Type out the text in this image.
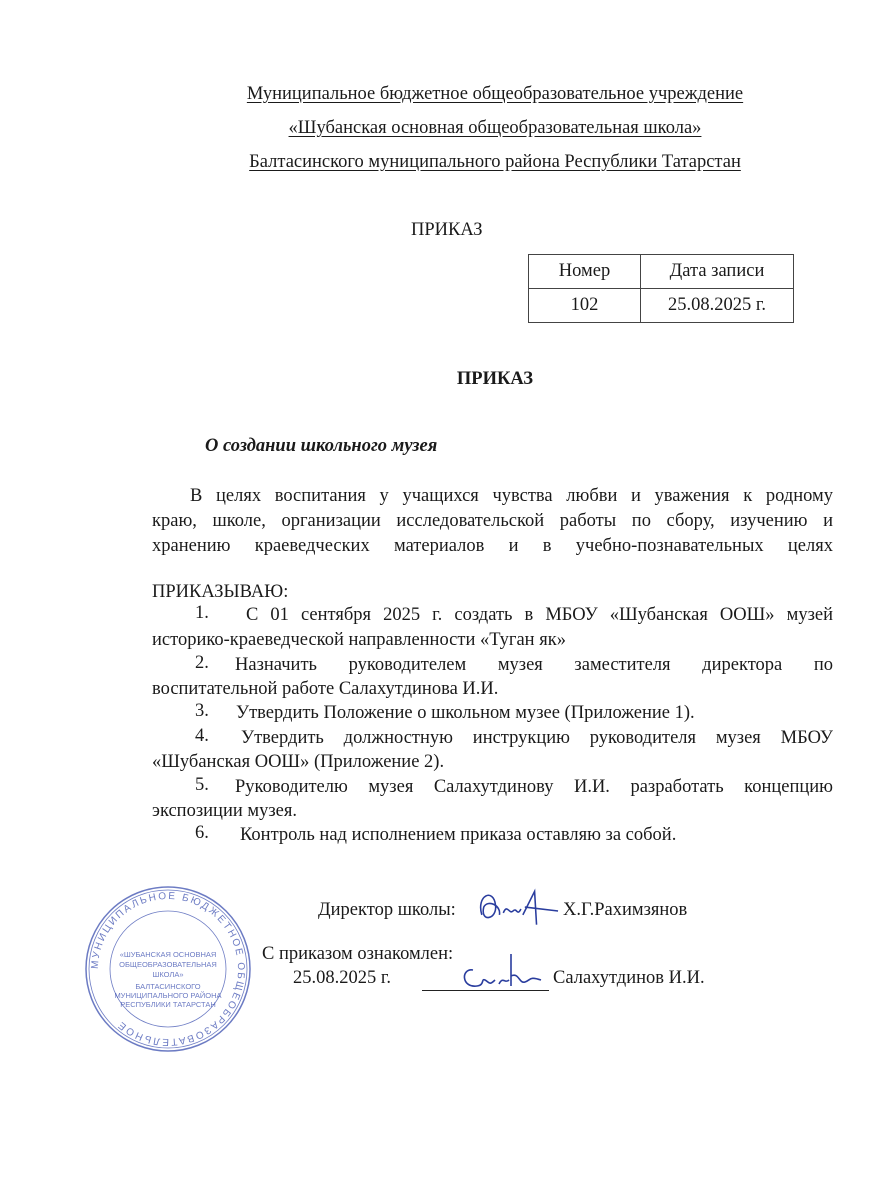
Муниципальное бюджетное общеобразовательное учреждение
«Шубанская основная общеобразовательная школа»
Балтасинского муниципального района Республики Татарстан
ПРИКАЗ
Номер	Дата записи
102	25.08.2025 г.
ПРИКАЗ
О создании школьного музея
В целях воспитания у учащихся чувства любви и уважения к родному
краю, школе, организации исследовательской работы по сбору, изучению и
хранению краеведческих материалов и в учебно-познавательных целях
ПРИКАЗЫВАЮ:
1. С 01 сентября 2025 г. создать в МБОУ «Шубанская ООШ» музей
историко-краеведческой направленности «Туган як»
2. Назначить руководителем музея заместителя директора по
воспитательной работе Салахутдинова И.И.
3. Утвердить Положение о школьном музее (Приложение 1).
4. Утвердить должностную инструкцию руководителя музея МБОУ
«Шубанская ООШ» (Приложение 2).
5. Руководителю музея Салахутдинову И.И. разработать концепцию
экспозиции музея.
6. Контроль над исполнением приказа оставляю за собой.
МУНИЦИПАЛЬНОЕ БЮДЖЕТНОЕ ОБЩЕОБРАЗОВАТЕЛЬНОЕ
«ШУБАНСКАЯ ОСНОВНАЯ
ОБЩЕОБРАЗОВАТЕЛЬНАЯ
ШКОЛА»
БАЛТАСИНСКОГО
МУНИЦИПАЛЬНОГО РАЙОНА
РЕСПУБЛИКИ ТАТАРСТАН
Директор школы:	Х.Г.Рахимзянов
С приказом ознакомлен:
25.08.2025 г.	Салахутдинов И.И.
